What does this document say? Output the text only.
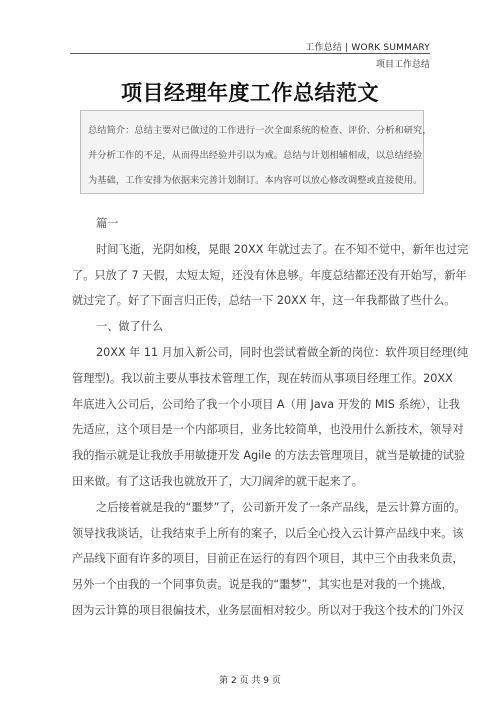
工作总结 | WORK SUMMARY
项目工作总结
项目经理年度工作总结范文

总结简介：总结主要对已做过的工作进行一次全面系统的检查、评价、分析和研究，

并分析工作的不足，从而得出经验并引以为戒。总结与计划相辅相成，以总结经验

为基础，工作安排为依据来完善计划制订。本内容可以放心修改调整或直接使用。

篇一

时间飞逝，光阴如梭，晃眼 20XX 年就过去了。在不知不觉中，新年也过完

了。只放了 7 天假，太短太短，还没有休息够。年度总结都还没有开始写，新年

就过完了。好了下面言归正传，总结一下 20XX 年，这一年我都做了些什么。

一、做了什么

20XX 年 11 月加入新公司，同时也尝试着做全新的岗位：软件项目经理(纯

管理型)。我以前主要从事技术管理工作，现在转而从事项目经理工作。20XX

年底进入公司后，公司给了我一个小项目 A（用 Java 开发的 MIS 系统），让我

先适应，这个项目是一个内部项目，业务比较简单，也没用什么新技术，领导对

我的指示就是让我放手用敏捷开发 Agile 的方法去管理项目，就当是敏捷的试验

田来做。有了这话我也就放开了，大刀阔斧的就干起来了。

之后接着就是我的“噩梦”了，公司新开发了一条产品线，是云计算方面的。

领导找我谈话，让我结束手上所有的案子，以后全心投入云计算产品线中来。该

产品线下面有许多的项目，目前正在运行的有四个项目，其中三个由我来负责，

另外一个由我的一个同事负责。说是我的“噩梦”，其实也是对我的一个挑战，

因为云计算的项目很偏技术，业务层面相对较少。所以对于我这个技术的门外汉

第 2 页 共 9 页
